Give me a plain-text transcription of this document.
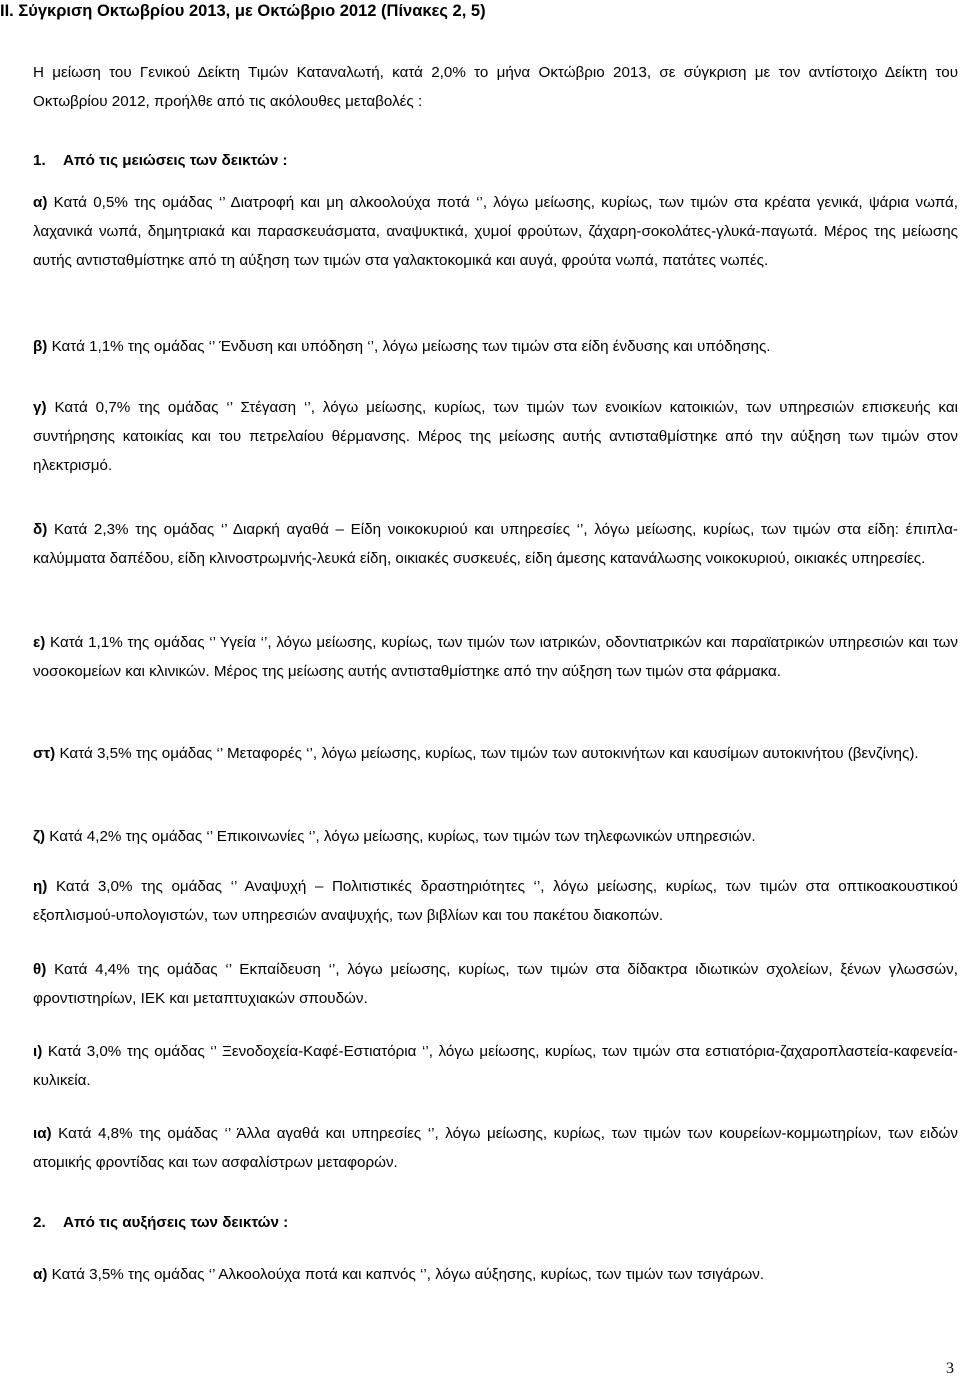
II. Σύγκριση Οκτωβρίου 2013, με Οκτώβριο 2012 (Πίνακες 2, 5)

Η μείωση του Γενικού Δείκτη Τιμών Καταναλωτή, κατά 2,0% το μήνα Οκτώβριο 2013, σε σύγκριση με τον αντίστοιχο Δείκτη του Οκτωβρίου 2012, προήλθε από τις ακόλουθες μεταβολές :

1. Από τις μειώσεις των δεικτών :

α) Κατά 0,5% της ομάδας ‘’ Διατροφή και μη αλκοολούχα ποτά ‘’, λόγω μείωσης, κυρίως, των τιμών στα κρέατα γενικά, ψάρια νωπά, λαχανικά νωπά, δημητριακά και παρασκευάσματα, αναψυκτικά, χυμοί φρούτων, ζάχαρη-σοκολάτες-γλυκά-παγωτά. Μέρος της μείωσης αυτής αντισταθμίστηκε από τη αύξηση των τιμών στα γαλακτοκομικά και αυγά, φρούτα νωπά, πατάτες νωπές.

β) Κατά 1,1% της ομάδας ‘’ Ένδυση και υπόδηση ‘’, λόγω μείωσης των τιμών στα είδη ένδυσης και υπόδησης.

γ) Κατά 0,7% της ομάδας ‘’ Στέγαση ‘’, λόγω μείωσης, κυρίως, των τιμών των ενοικίων κατοικιών, των υπηρεσιών επισκευής και συντήρησης κατοικίας και του πετρελαίου θέρμανσης. Μέρος της μείωσης αυτής αντισταθμίστηκε από την αύξηση των τιμών στον ηλεκτρισμό.

δ) Κατά 2,3% της ομάδας ‘’ Διαρκή αγαθά – Είδη νοικοκυριού και υπηρεσίες ‘’, λόγω μείωσης, κυρίως, των τιμών στα είδη: έπιπλα-καλύμματα δαπέδου, είδη κλινοστρωμνής-λευκά είδη, οικιακές συσκευές, είδη άμεσης κατανάλωσης νοικοκυριού, οικιακές υπηρεσίες.

ε) Κατά 1,1% της ομάδας ‘’ Υγεία ‘’, λόγω μείωσης, κυρίως, των τιμών των ιατρικών, οδοντιατρικών και παραϊατρικών υπηρεσιών και των νοσοκομείων και κλινικών. Μέρος της μείωσης αυτής αντισταθμίστηκε από την αύξηση των τιμών στα φάρμακα.

στ) Κατά 3,5% της ομάδας ‘’ Μεταφορές ‘’, λόγω μείωσης, κυρίως, των τιμών των αυτοκινήτων και καυσίμων αυτοκινήτου (βενζίνης).

ζ) Κατά 4,2% της ομάδας ‘’ Επικοινωνίες ‘’, λόγω μείωσης, κυρίως, των τιμών των τηλεφωνικών υπηρεσιών.

η) Κατά 3,0% της ομάδας ‘’ Αναψυχή – Πολιτιστικές δραστηριότητες ‘’, λόγω μείωσης, κυρίως, των τιμών στα οπτικοακουστικού εξοπλισμού-υπολογιστών, των υπηρεσιών αναψυχής, των βιβλίων και του πακέτου διακοπών.

θ) Κατά 4,4% της ομάδας ‘’ Εκπαίδευση ‘’, λόγω μείωσης, κυρίως, των τιμών στα δίδακτρα ιδιωτικών σχολείων, ξένων γλωσσών, φροντιστηρίων, ΙΕΚ και μεταπτυχιακών σπουδών.

ι) Κατά 3,0% της ομάδας ‘’ Ξενοδοχεία-Καφέ-Εστιατόρια ‘’, λόγω μείωσης, κυρίως, των τιμών στα εστιατόρια-ζαχαροπλαστεία-καφενεία-κυλικεία.

ια) Κατά 4,8% της ομάδας ‘’ Άλλα αγαθά και υπηρεσίες ‘’, λόγω μείωσης, κυρίως, των τιμών των κουρείων-κομμωτηρίων, των ειδών ατομικής φροντίδας και των ασφαλίστρων μεταφορών.

2. Από τις αυξήσεις των δεικτών :

α) Κατά 3,5% της ομάδας ‘’ Αλκοολούχα ποτά και καπνός ‘’, λόγω αύξησης, κυρίως, των τιμών των τσιγάρων.

3
